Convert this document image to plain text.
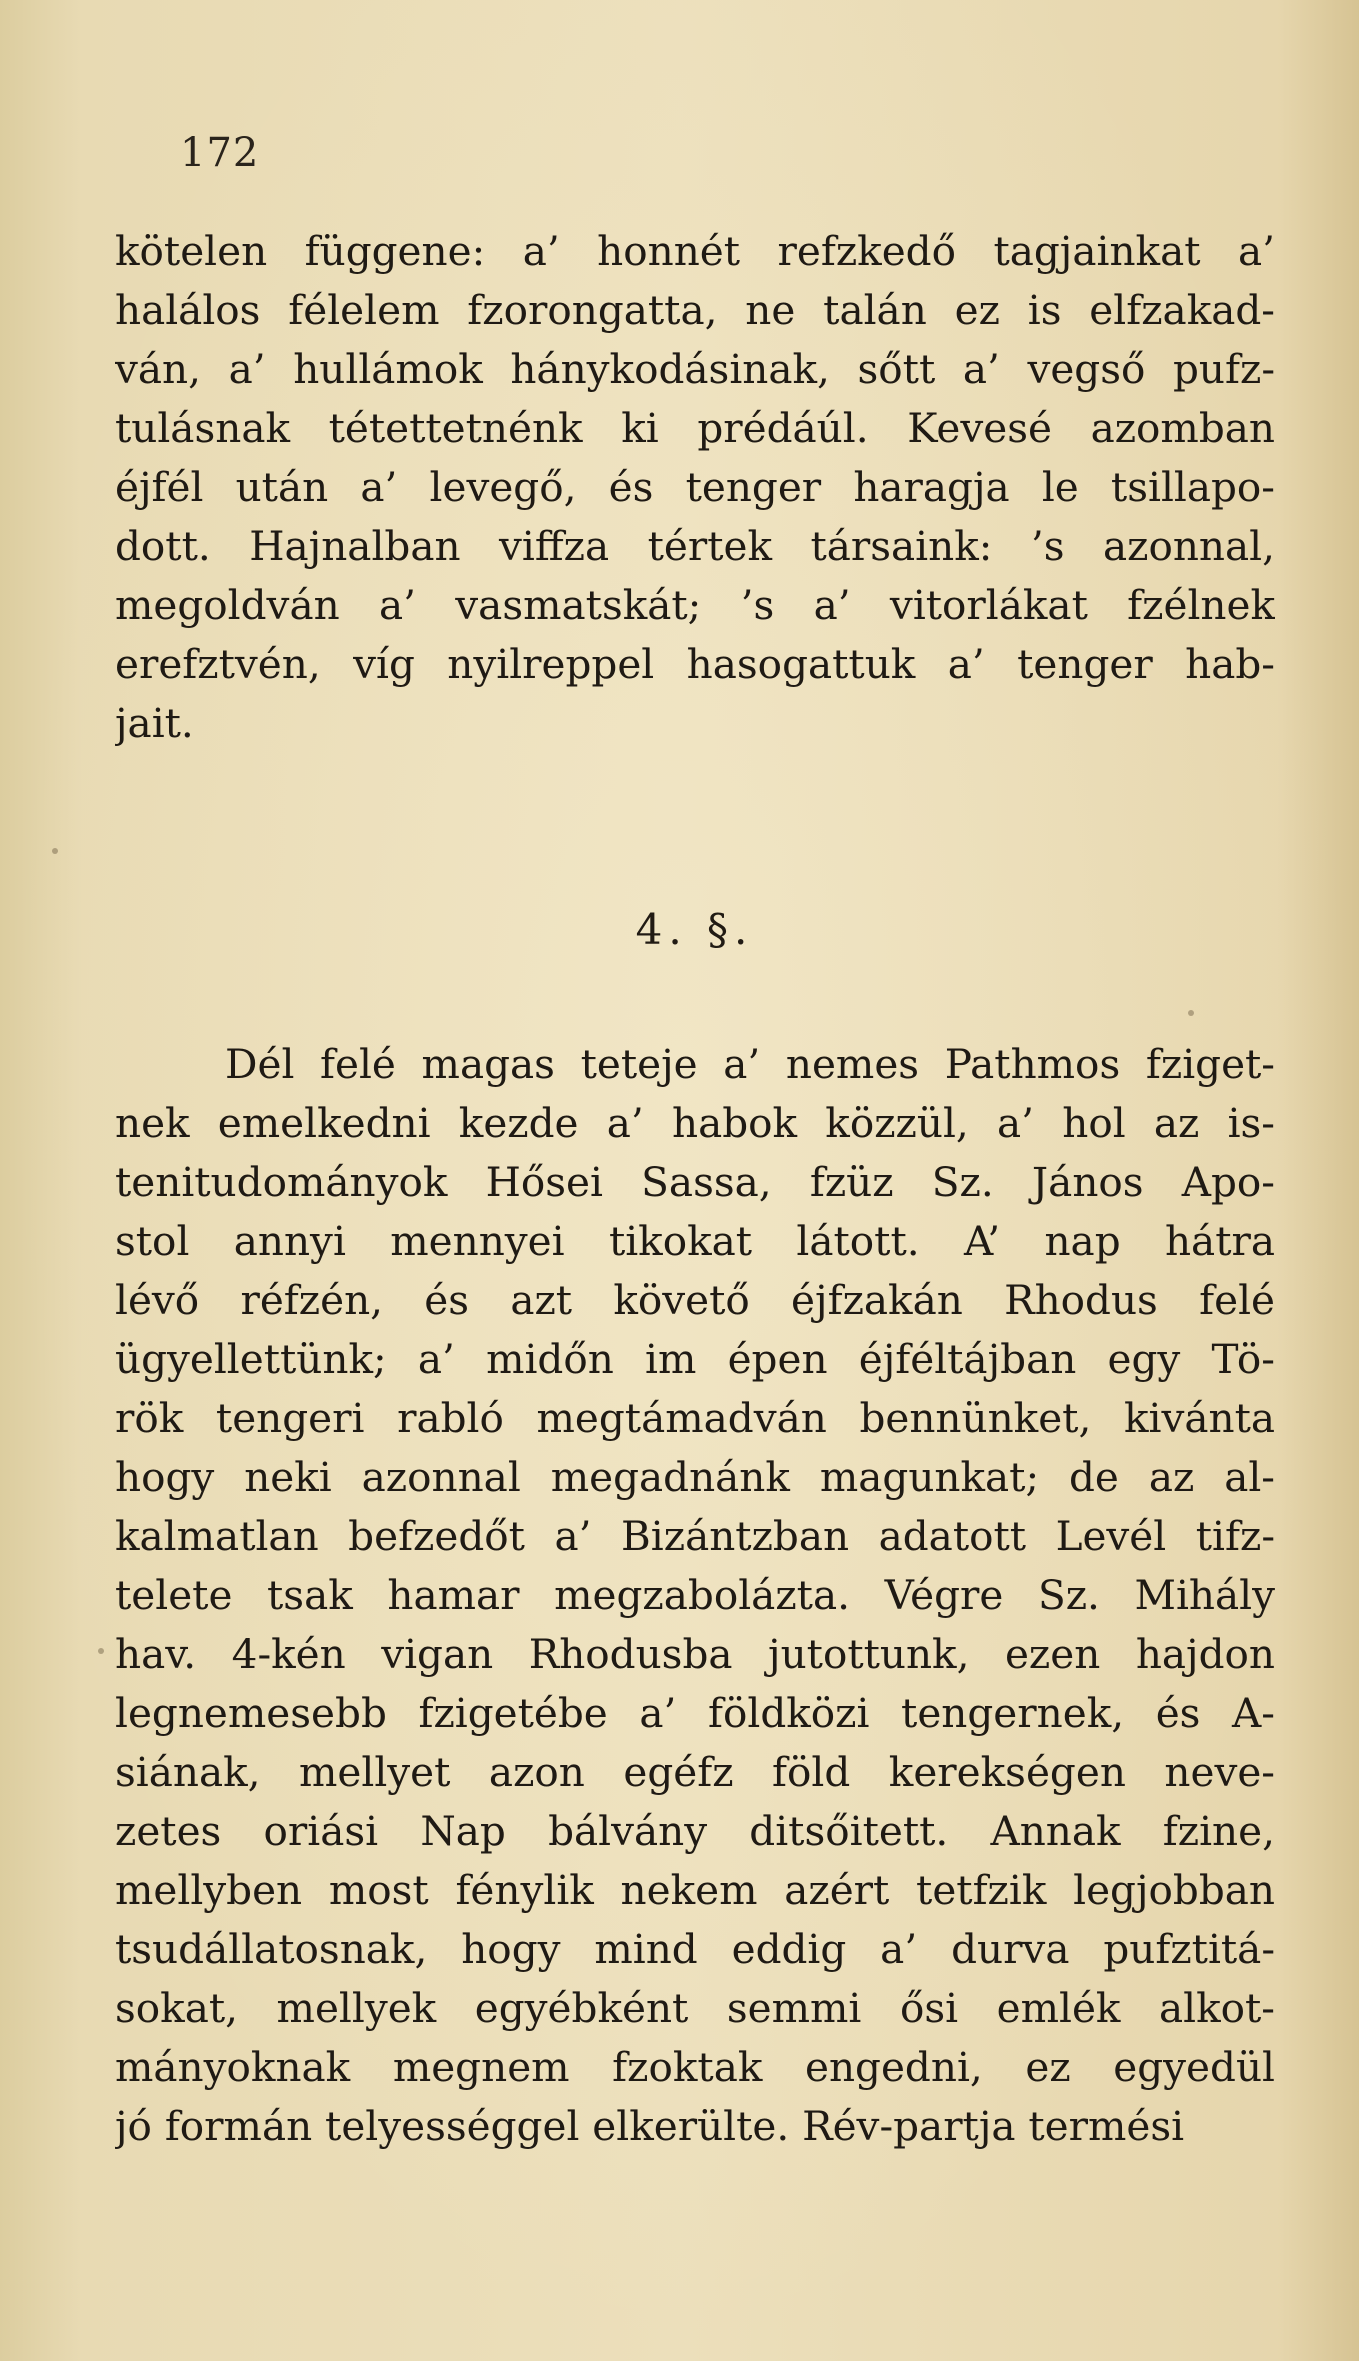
172
kötelen függene: a’ honnét refzkedő tagjainkat a’
halálos félelem fzorongatta, ne talán ez is elfzakad-
ván, a’ hullámok hánykodásinak, sőtt a’ vegső pufz-
tulásnak tétettetnénk ki prédáúl. Kevesé azomban
éjfél után a’ levegő, és tenger haragja le tsillapo-
dott. Hajnalban viffza tértek társaink: ’s azonnal,
megoldván a’ vasmatskát; ’s a’ vitorlákat fzélnek
erefztvén, víg nyilreppel hasogattuk a’ tenger hab-
jait.
4. §.
Dél felé magas teteje a’ nemes Pathmos fziget-
nek emelkedni kezde a’ habok közzül, a’ hol az is-
tenitudományok Hősei Sassa, fzüz Sz. János Apo-
stol annyi mennyei tikokat látott. A’ nap hátra
lévő réfzén, és azt követő éjfzakán Rhodus felé
ügyellettünk; a’ midőn im épen éjféltájban egy Tö-
rök tengeri rabló megtámadván bennünket, kivánta
hogy neki azonnal megadnánk magunkat; de az al-
kalmatlan befzedőt a’ Bizántzban adatott Levél tifz-
telete tsak hamar megzabolázta. Végre Sz. Mihály
hav. 4-kén vigan Rhodusba jutottunk, ezen hajdon
legnemesebb fzigetébe a’ földközi tengernek, és A-
siának, mellyet azon egéfz föld kerekségen neve-
zetes oriási Nap bálvány ditsőitett. Annak fzine,
mellyben most fénylik nekem azért tetfzik legjobban
tsudállatosnak, hogy mind eddig a’ durva pufztitá-
sokat, mellyek egyébként semmi ősi emlék alkot-
mányoknak megnem fzoktak engedni, ez egyedül
jó formán telyességgel elkerülte. Rév-partja termési
